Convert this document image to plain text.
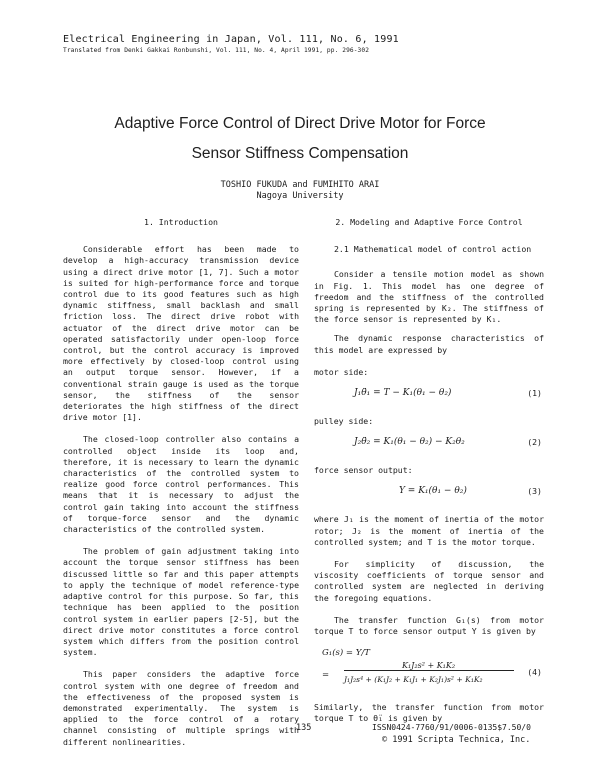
Electrical Engineering in Japan, Vol. 111, No. 6, 1991
Translated from Denki Gakkai Ronbunshi, Vol. 111, No. 4, April 1991, pp. 296-302
Adaptive Force Control of Direct Drive Motor for Force
Sensor Stiffness Compensation
TOSHIO FUKUDA and FUMIHITO ARAI
Nagoya University
1. Introduction

Considerable effort has been made to develop a high-accuracy transmission device using a direct drive motor [1, 7]. Such a motor is suited for high-performance force and torque control due to its good features such as high dynamic stiffness, small backlash and small friction loss. The direct drive robot with actuator of the direct drive motor can be operated satisfactorily under open-loop force control, but the control accuracy is improved more effectively by closed-loop control using an output torque sensor. However, if a conventional strain gauge is used as the torque sensor, the stiffness of the sensor deteriorates the high stiffness of the direct drive motor [1].

The closed-loop controller also contains a controlled object inside its loop and, therefore, it is necessary to learn the dynamic characteristics of the controlled system to realize good force control performances. This means that it is necessary to adjust the control gain taking into account the stiffness of torque-force sensor and the dynamic characteristics of the controlled system.

The problem of gain adjustment taking into account the torque sensor stiffness has been discussed little so far and this paper attempts to apply the technique of model reference-type adaptive control for this purpose. So far, this technique has been applied to the position control system in earlier papers [2-5], but the direct drive motor constitutes a force control system which differs from the position control system.

This paper considers the adaptive force control system with one degree of freedom and the effectiveness of the proposed system is demonstrated experimentally. The system is applied to the force control of a rotary channel consisting of multiple springs with different nonlinearities.

2. Modeling and Adaptive Force Control
2.1 Mathematical model of control action

Consider a tensile motion model as shown in Fig. 1. This model has one degree of freedom and the stiffness of the controlled spring is represented by K₂. The stiffness of the force sensor is represented by K₁.

The dynamic response characteristics of this model are expressed by

motor side:
J₁θ̈₁ = T − K₁(θ₁ − θ₂)	(1)
pulley side:
J₂θ̈₂ = K₁(θ₁ − θ₂) − K₂θ₂	(2)
force sensor output:
Y = K₁(θ₁ − θ₂)	(3)

where J₁ is the moment of inertia of the motor rotor; J₂ is the moment of inertia of the controlled system; and T is the motor torque.

For simplicity of discussion, the viscosity coefficients of torque sensor and controlled system are neglected in deriving the foregoing equations.

The transfer function G₁(s) from motor torque T to force sensor output Y is given by

G₁(s) = Y/T
=
K₁J₂s² + K₁K₂
J₁J₂s⁴ + (K₁J₂ + K₁J₁ + K₂J₁)s² + K₁K₂
(4)

Similarly, the transfer function from motor torque T to θ̈₁ is given by

135	ISSN0424-7760/91/0006-0135$7.50/0
© 1991 Scripta Technica, Inc.
